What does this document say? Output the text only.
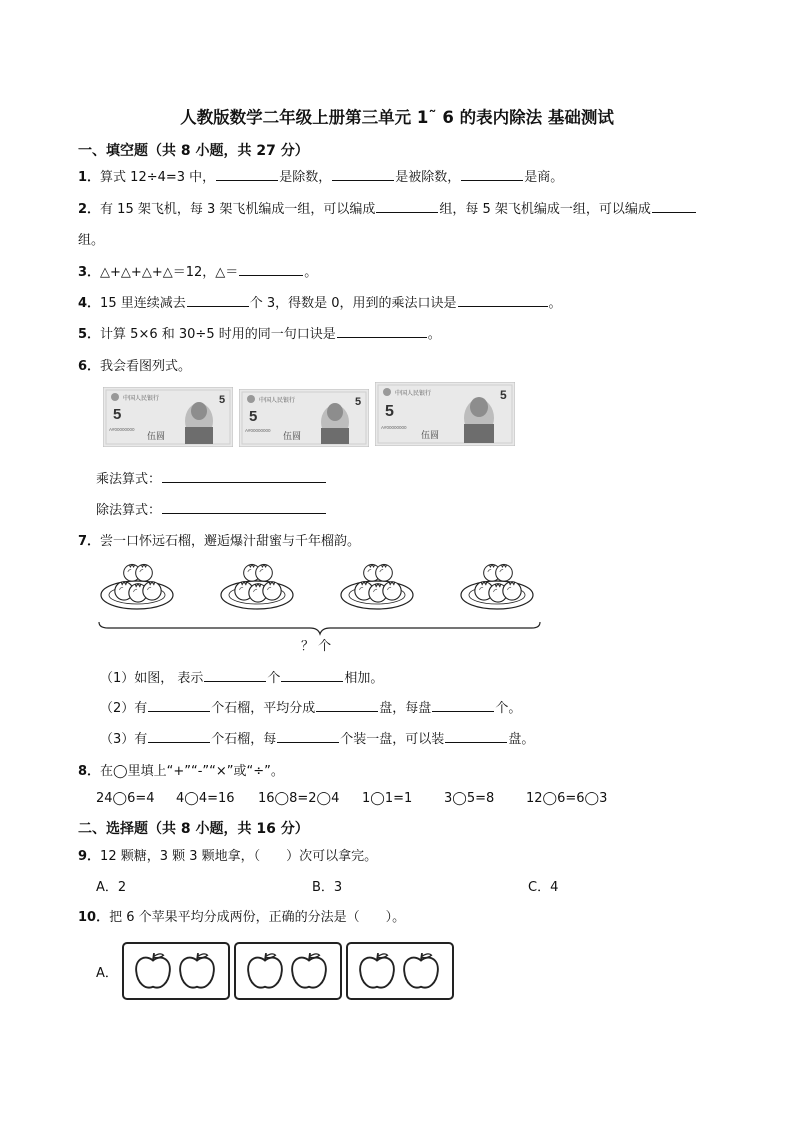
人教版数学二年级上册第三单元 1˜ 6 的表内除法 基础测试
一、填空题（共 8 小题，共 27 分）
1．算式 12÷4=3 中，	是除数，	是被除数，	是商。
2．有 15 架飞机，每 3 架飞机编成一组，可以编成	组，每 5 架飞机编成一组，可以编成
组。
3．△+△+△+△＝12，△＝	。
4．15 里连续减去	个 3，得数是 0，用到的乘法口诀是	。
5．计算 5×6 和 30÷5 时用的同一句口诀是	。
6．我会看图列式。
中国人民银行
5
5
伍圆
A#00000000
中国人民银行
5
5
伍圆
A#00000000
中国人民银行
5
5
伍圆
A#00000000
乘法算式：
除法算式：
7．尝一口怀远石榴，邂逅爆汁甜蜜与千年榴韵。
？ 个
（1）如图， 表示	个	相加。
（2）有	个石榴，平均分成	盘，每盘	个。
（3）有	个石榴，每	个装一盘，可以装	盘。
8．在◯里填上“+”“-”“×”或“÷”。
24◯6=4 4◯4=16 16◯8=2◯4 1◯1=1 3◯5=8 12◯6=6◯3
二、选择题（共 8 小题，共 16 分）
9．12 颗糖，3 颗 3 颗地拿，（　　）次可以拿完。
A．2	B．3	C．4
10．把 6 个苹果平均分成两份，正确的分法是（　　）。
A．
